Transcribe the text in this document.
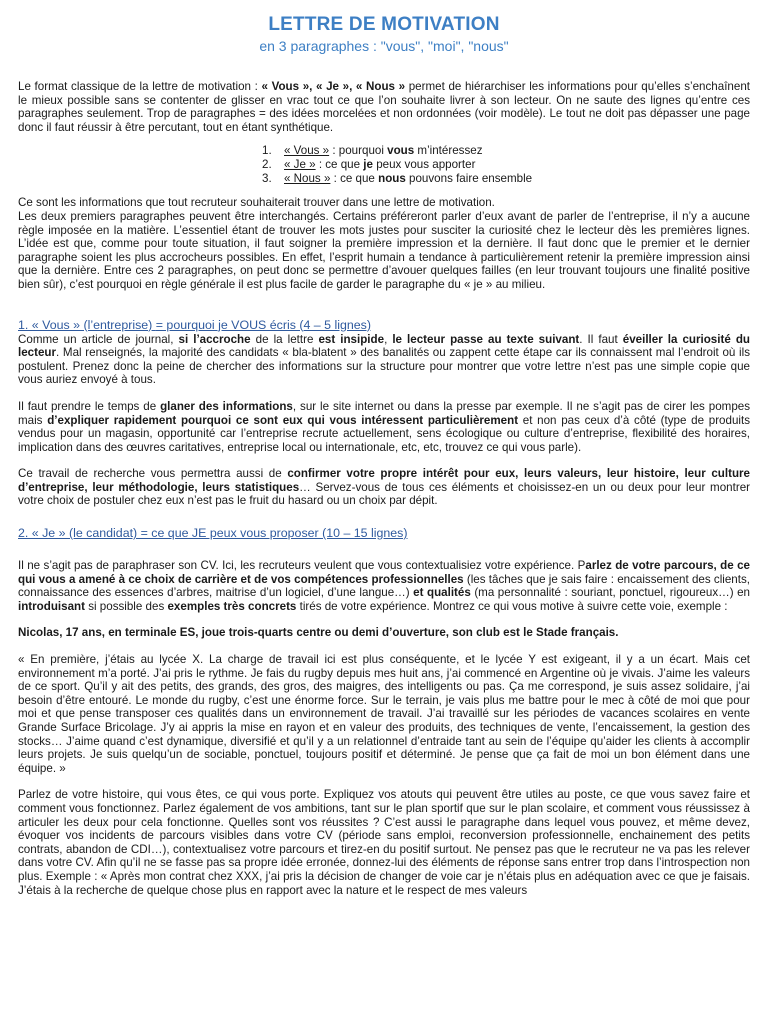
LETTRE DE MOTIVATION
en 3 paragraphes : "vous", "moi", "nous"

Le format classique de la lettre de motivation : « Vous », « Je », « Nous » permet de hiérarchiser les informations pour qu’elles s’enchaînent le mieux possible sans se contenter de glisser en vrac tout ce que l’on souhaite livrer à son lecteur. On ne saute des lignes qu’entre ces paragraphes seulement. Trop de paragraphes = des idées morcelées et non ordonnées (voir modèle). Le tout ne doit pas dépasser une page donc il faut réussir à être percutant, tout en étant synthétique.

1.	« Vous » : pourquoi vous m’intéressez
2.	« Je » : ce que je peux vous apporter
3.	« Nous » : ce que nous pouvons faire ensemble

Ce sont les informations que tout recruteur souhaiterait trouver dans une lettre de motivation.

Les deux premiers paragraphes peuvent être interchangés. Certains préféreront parler d’eux avant de parler de l’entreprise, il n’y a aucune règle imposée en la matière. L’essentiel étant de trouver les mots justes pour susciter la curiosité chez le lecteur dès les premières lignes. L’idée est que, comme pour toute situation, il faut soigner la première impression et la dernière. Il faut donc que le premier et le dernier paragraphe soient les plus accrocheurs possibles. En effet, l’esprit humain a tendance à particulièrement retenir la première impression ainsi que la dernière. Entre ces 2 paragraphes, on peut donc se permettre d’avouer quelques failles (en leur trouvant toujours une finalité positive bien sûr), c’est pourquoi en règle générale il est plus facile de garder le paragraphe du « je » au milieu.

1. « Vous » (l’entreprise) = pourquoi je VOUS écris (4 – 5 lignes)

Comme un article de journal, si l’accroche de la lettre est insipide, le lecteur passe au texte suivant. Il faut éveiller la curiosité du lecteur. Mal renseignés, la majorité des candidats « bla-blatent » des banalités ou zappent cette étape car ils connaissent mal l’endroit où ils postulent. Prenez donc la peine de chercher des informations sur la structure pour montrer que votre lettre n’est pas une simple copie que vous auriez envoyé à tous.

Il faut prendre le temps de glaner des informations, sur le site internet ou dans la presse par exemple. Il ne s’agit pas de cirer les pompes mais d’expliquer rapidement pourquoi ce sont eux qui vous intéressent particulièrement et non pas ceux d’à côté (type de produits vendus pour un magasin, opportunité car l’entreprise recrute actuellement, sens écologique ou culture d’entreprise, flexibilité des horaires, implication dans des œuvres caritatives, entreprise local ou internationale, etc, etc, trouvez ce qui vous parle).

Ce travail de recherche vous permettra aussi de confirmer votre propre intérêt pour eux, leurs valeurs, leur histoire, leur culture d’entreprise, leur méthodologie, leurs statistiques… Servez-vous de tous ces éléments et choisissez-en un ou deux pour leur montrer votre choix de postuler chez eux n’est pas le fruit du hasard ou un choix par dépit.

2. « Je » (le candidat) = ce que JE peux vous proposer (10 – 15 lignes)

Il ne s’agit pas de paraphraser son CV. Ici, les recruteurs veulent que vous contextualisiez votre expérience. Parlez de votre parcours, de ce qui vous a amené à ce choix de carrière et de vos compétences professionnelles (les tâches que je sais faire : encaissement des clients, connaissance des essences d’arbres, maitrise d’un logiciel, d’une langue…) et qualités (ma personnalité : souriant, ponctuel, rigoureux…) en introduisant si possible des exemples très concrets tirés de votre expérience. Montrez ce qui vous motive à suivre cette voie, exemple :

Nicolas, 17 ans, en terminale ES, joue trois-quarts centre ou demi d’ouverture, son club est le Stade français.

« En première, j’étais au lycée X. La charge de travail ici est plus conséquente, et le lycée Y est exigeant, il y a un écart. Mais cet environnement m’a porté. J’ai pris le rythme. Je fais du rugby depuis mes huit ans, j’ai commencé en Argentine où je vivais. J’aime les valeurs de ce sport. Qu’il y ait des petits, des grands, des gros, des maigres, des intelligents ou pas. Ça me correspond, je suis assez solidaire, j’ai besoin d’être entouré. Le monde du rugby, c’est une énorme force. Sur le terrain, je vais plus me battre pour le mec à côté de moi que pour moi et que pense transposer ces qualités dans un environnement de travail. J’ai travaillé sur les périodes de vacances scolaires en vente Grande Surface Bricolage. J’y ai appris la mise en rayon et en valeur des produits, des techniques de vente, l’encaissement, la gestion des stocks… J’aime quand c’est dynamique, diversifié et qu’il y a un relationnel d’entraide tant au sein de l’équipe qu’aider les clients à accomplir leurs projets. Je suis quelqu’un de sociable, ponctuel, toujours positif et déterminé. Je pense que ça fait de moi un bon élément dans une équipe. »

Parlez de votre histoire, qui vous êtes, ce qui vous porte. Expliquez vos atouts qui peuvent être utiles au poste, ce que vous savez faire et comment vous fonctionnez. Parlez également de vos ambitions, tant sur le plan sportif que sur le plan scolaire, et comment vous réussissez à articuler les deux pour cela fonctionne. Quelles sont vos réussites ? C’est aussi le paragraphe dans lequel vous pouvez, et même devez, évoquer vos incidents de parcours visibles dans votre CV (période sans emploi, reconversion professionnelle, enchainement des petits contrats, abandon de CDI…), contextualisez votre parcours et tirez-en du positif surtout. Ne pensez pas que le recruteur ne va pas les relever dans votre CV. Afin qu’il ne se fasse pas sa propre idée erronée, donnez-lui des éléments de réponse sans entrer trop dans l’introspection non plus. Exemple : « Après mon contrat chez XXX, j’ai pris la décision de changer de voie car je n’étais plus en adéquation avec ce que je faisais. J’étais à la recherche de quelque chose plus en rapport avec la nature et le respect de mes valeurs
